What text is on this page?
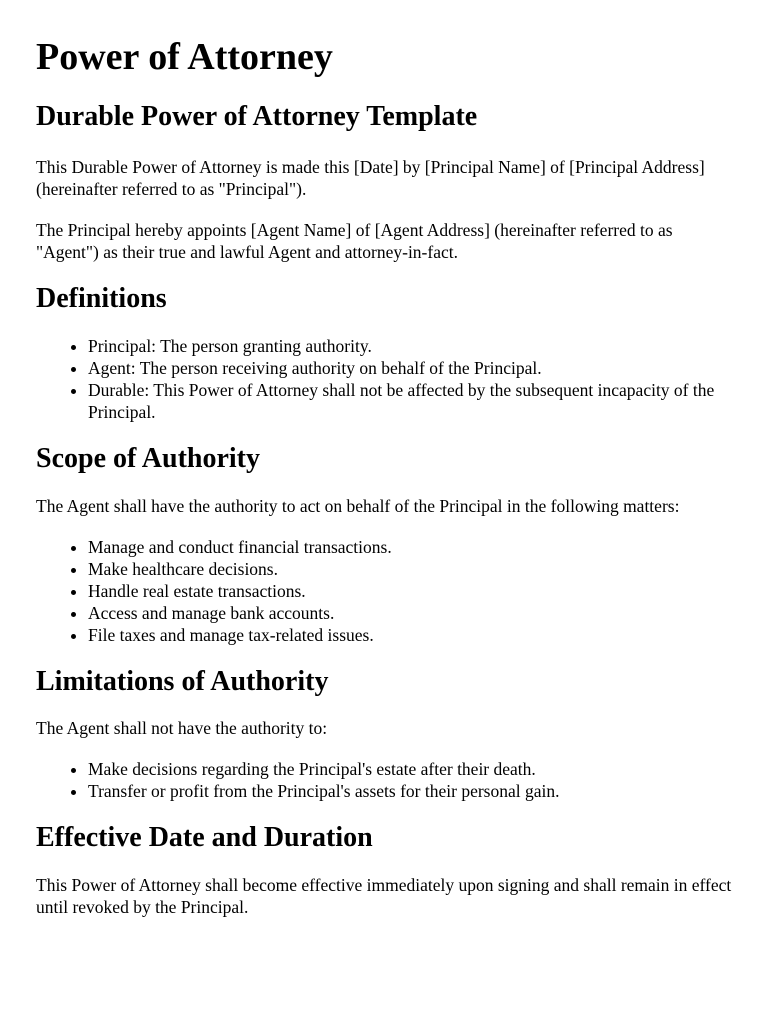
Power of Attorney
Durable Power of Attorney Template

This Durable Power of Attorney is made this [Date] by [Principal Name] of [Principal Address] (hereinafter referred to as "Principal").

The Principal hereby appoints [Agent Name] of [Agent Address] (hereinafter referred to as "Agent") as their true and lawful Agent and attorney-in-fact.

Definitions
• Principal: The person granting authority.
• Agent: The person receiving authority on behalf of the Principal.
• Durable: This Power of Attorney shall not be affected by the subsequent incapacity of the Principal.
Scope of Authority

The Agent shall have the authority to act on behalf of the Principal in the following matters:

• Manage and conduct financial transactions.
• Make healthcare decisions.
• Handle real estate transactions.
• Access and manage bank accounts.
• File taxes and manage tax-related issues.
Limitations of Authority

The Agent shall not have the authority to:

• Make decisions regarding the Principal's estate after their death.
• Transfer or profit from the Principal's assets for their personal gain.
Effective Date and Duration

This Power of Attorney shall become effective immediately upon signing and shall remain in effect until revoked by the Principal.
